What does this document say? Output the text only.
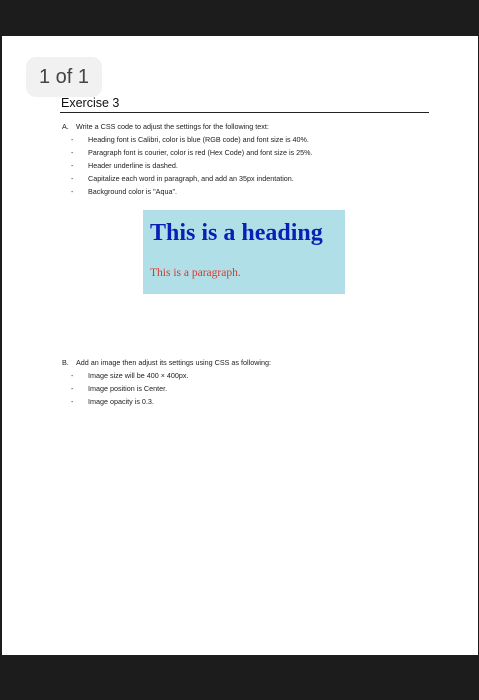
1 of 1
Exercise 3
A.	Write a CSS code to adjust the settings for the following text:
-	Heading font is Calibri, color is blue (RGB code) and font size is 40%.
-	Paragraph font is courier, color is red (Hex Code) and font size is 25%.
-	Header underline is dashed.
-	Capitalize each word in paragraph, and add an 35px indentation.
-	Background color is "Aqua".
This is a heading
This is a paragraph.
B.	Add an image then adjust its settings using CSS as following:
-	Image size will be 400 × 400px.
-	Image position is Center.
-	Image opacity is 0.3.
